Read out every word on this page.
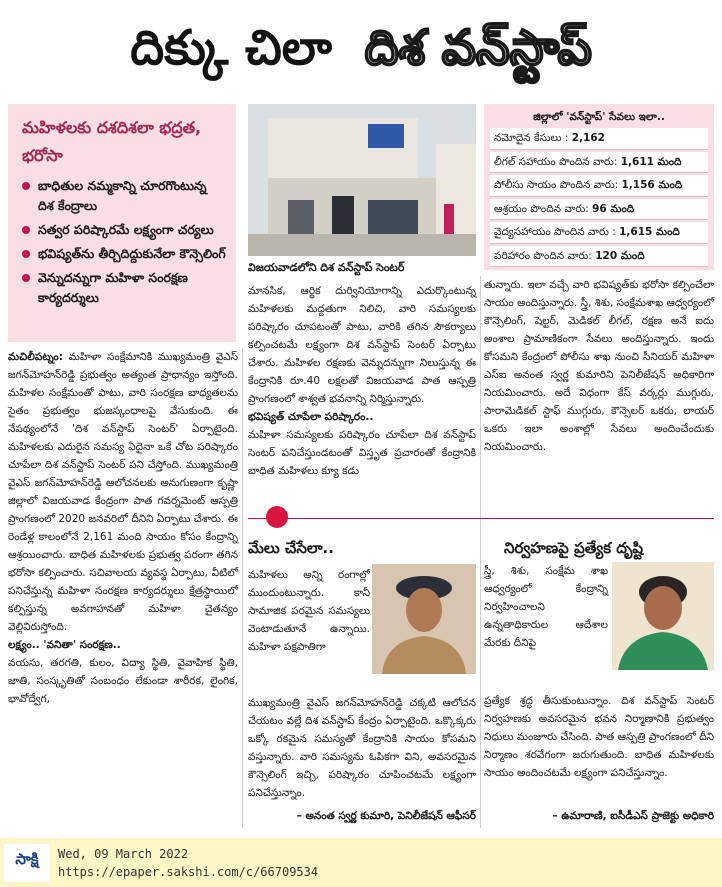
దిక్కు చిలా దిశ వన్‌స్టాప్
మహిళలకు దశదిశలా భద్రత, భరోసా
బాధితుల నమ్మకాన్ని చూరగొంటున్న దిశ కేంద్రాలు
సత్వర పరిష్కారమే లక్ష్యంగా చర్యలు
భవిష్యత్‌ను తీర్చిదిద్దుకునేలా కౌన్సెలింగ్
వెన్నుదన్నుగా మహిళా సంరక్షణ కార్యదర్శులు
విజయవాడలోని దిశ వన్‌స్టాప్ సెంటర్
జిల్లాలో 'వన్‌స్టాప్' సేవలు ఇలా..
నమోదైన కేసులు : 2,162
లీగల్ సహాయం పొందిన వారు: 1,611 మంది
పోలీసు సాయం పొందిన వారు: 1,156 మంది
ఆశ్రయం పొందిన వారు: 96 మంది
వైద్యసహాయం పొందిన వారు : 1,615 మంది
పరిహారం పొందిన వారు: 120 మంది

మచిలీపట్నం: మహిళా సంక్షేమానికి ముఖ్యమంత్రి వైఎస్ జగన్‌మోహన్‌రెడ్డి ప్రభుత్వం అత్యంత ప్రాధాన్యం ఇస్తోంది. మహిళల సంక్షేమంతో పాటు, వారి సంరక్షణ బాధ్యతలను సైతం ప్రభుత్వం భుజస్కంధాలపై వేసుకుంది. ఈ నేపథ్యంలోనే 'దిశ వన్‌స్టాప్ సెంటర్' ఏర్పాటైంది. మహిళలకు ఎదురైన సమస్య ఏదైనా ఒకే చోట పరిష్కారం చూపేలా దిశ వన్‌స్టాప్ సెంటర్ పని చేస్తోంది. ముఖ్యమంత్రి వైఎస్ జగన్‌మోహన్‌రెడ్డి ఆలోచనలకు అనుగుణంగా కృష్ణా జిల్లాలో విజయవాడ కేంద్రంగా పాత గవర్నమెంట్ ఆస్పత్రి ప్రాంగణంలో 2020 జనవరిలో దీనిని ఏర్పాటు చేశారు. ఈ రెండేళ్ల కాలంలోనే 2,161 మంది సాయం కోసం కేంద్రాన్ని ఆశ్రయించారు. బాధిత మహిళలకు ప్రభుత్వ పరంగా తగిన భరోసా కల్పించారు. సచివాలయ వ్యవస్థ ఏర్పాటు, వీటిలో పనిచేస్తున్న మహిళా సంరక్షణ కార్యదర్శులు క్షేత్రస్థాయిలో కల్పిస్తున్న అవగాహనతో మహిళా చైతన్యం వెల్లివిరుస్తోంది.

లక్ష్యం.. 'వనితా' సంరక్షణ..

వయసు, తరగతి, కులం, విద్యా స్థితి, వైవాహిక స్థితి, జాతి, సంస్కృతితో సంబంధం లేకుండా శారీరక, లైంగిక, భావోద్వేగ,

మానసిక, ఆర్థిక దుర్వినియోగాన్ని ఎదుర్కొంటున్న మహిళలకు మద్దతుగా నిలిచి, వారి సమస్యలకు పరిష్కారం చూపటంతో పాటు, వారికి తగిన సౌకర్యాలు కల్పించటమే లక్ష్యంగా దిశ వన్‌స్టాప్ సెంటర్ ఏర్పాటు చేశారు. మహిళల రక్షణకు వెన్నుదన్నుగా నిలుస్తున్న ఈ కేంద్రానికి రూ.40 లక్షలతో విజయవాడ పాత ఆస్పత్రి ప్రాంగణంలో శాశ్వత భవనాన్ని నిర్మిస్తున్నారు.

భవిష్యత్ చూపేలా పరిష్కారం..

మహిళా సమస్యలకు పరిష్కారం చూపేలా దిశ వన్‌స్టాప్ సెంటర్ పనిచేస్తుండటంతో విస్తృత ప్రచారంతో కేంద్రానికి బాధిత మహిళలు క్యూ కడు

తున్నారు. ఇలా వచ్చే వారి భవిష్యత్‌కు భరోసా కల్పించేలా సాయం అందిస్తున్నారు. స్త్రీ, శిశు, సంక్షేమశాఖ ఆధ్వర్యంలో కౌన్సెలింగ్, షెల్టర్, మెడికల్ లీగల్, రక్షణ అనే ఐదు అంశాల ప్రామాణికంగా సేవలు అందిస్తున్నారు. ఇందు కోసమని కేంద్రంలో పోలీసు శాఖ నుంచి సీనియర్ మహిళా ఎస్‌ఐ అనంత స్వర్ణ కుమారిని పెనిలీజేషన్ అధికారిగా నియమించారు. అదే విధంగా కేస్ వర్కర్లు ముగ్గురు, పారామెడికల్ స్టాఫ్ ముగ్గురు, కౌన్సెలర్ ఒకరు, లాయర్ ఒకరు ఇలా అంశాల్లో సేవలు అందించేందుకు నియమించారు.

మేలు చేసేలా..
మహిళలు అన్ని రంగాల్లో ముందుంటున్నారు. కానీ సామాజిక పరమైన సమస్యలు వెంటాడుతూనే ఉన్నాయి. మహిళా పక్షపాతిగా
ముఖ్యమంత్రి వైఎస్ జగన్‌మోహన్‌రెడ్డి చక్కటి ఆలోచన చేయటం వల్లే దిశ వన్‌స్టాప్ కేంద్రం ఏర్పాటైంది. ఒక్కొక్కరు ఒక్కో రకమైన సమస్యతో కేంద్రానికి సాయం కోసమని వస్తున్నారు. వారి సమస్యను ఓపికగా విని, అవసరమైన కౌన్సెలింగ్ ఇచ్చి, పరిష్కారం చూపించటమే లక్ష్యంగా పనిచేస్తున్నాం.
– అనంత స్వర్ణ కుమారి, పెనిలీజేషన్ ఆఫీసర్
నిర్వహణపై ప్రత్యేక దృష్టి
స్త్రీ, శిశు, సంక్షేమ శాఖ ఆధ్వర్యంలో కేంద్రాన్ని నిర్వహించాలని ఉన్నతాధికారుల ఆదేశాల మేరకు దీనిపై
ప్రత్యేక శ్రద్ధ తీసుకుంటున్నాం. దిశ వన్‌స్టాప్ సెంటర్ నిర్వహణకు అవసరమైన భవన నిర్మాణానికి ప్రభుత్వం నిధులు మంజూరు చేసింది. పాత ఆస్పత్రి ప్రాంగణంలో దీని నిర్మాణం శరవేగంగా జరుగుతుంది. బాధిత మహిళలకు సాయం అందించటమే లక్ష్యంగా పనిచేస్తున్నాం.
– ఉమారాణి, ఐసీడీఎస్ ప్రాజెక్టు అధికారి
సాక్షి	Wed, 09 March 2022
https://epaper.sakshi.com/c/66709534
